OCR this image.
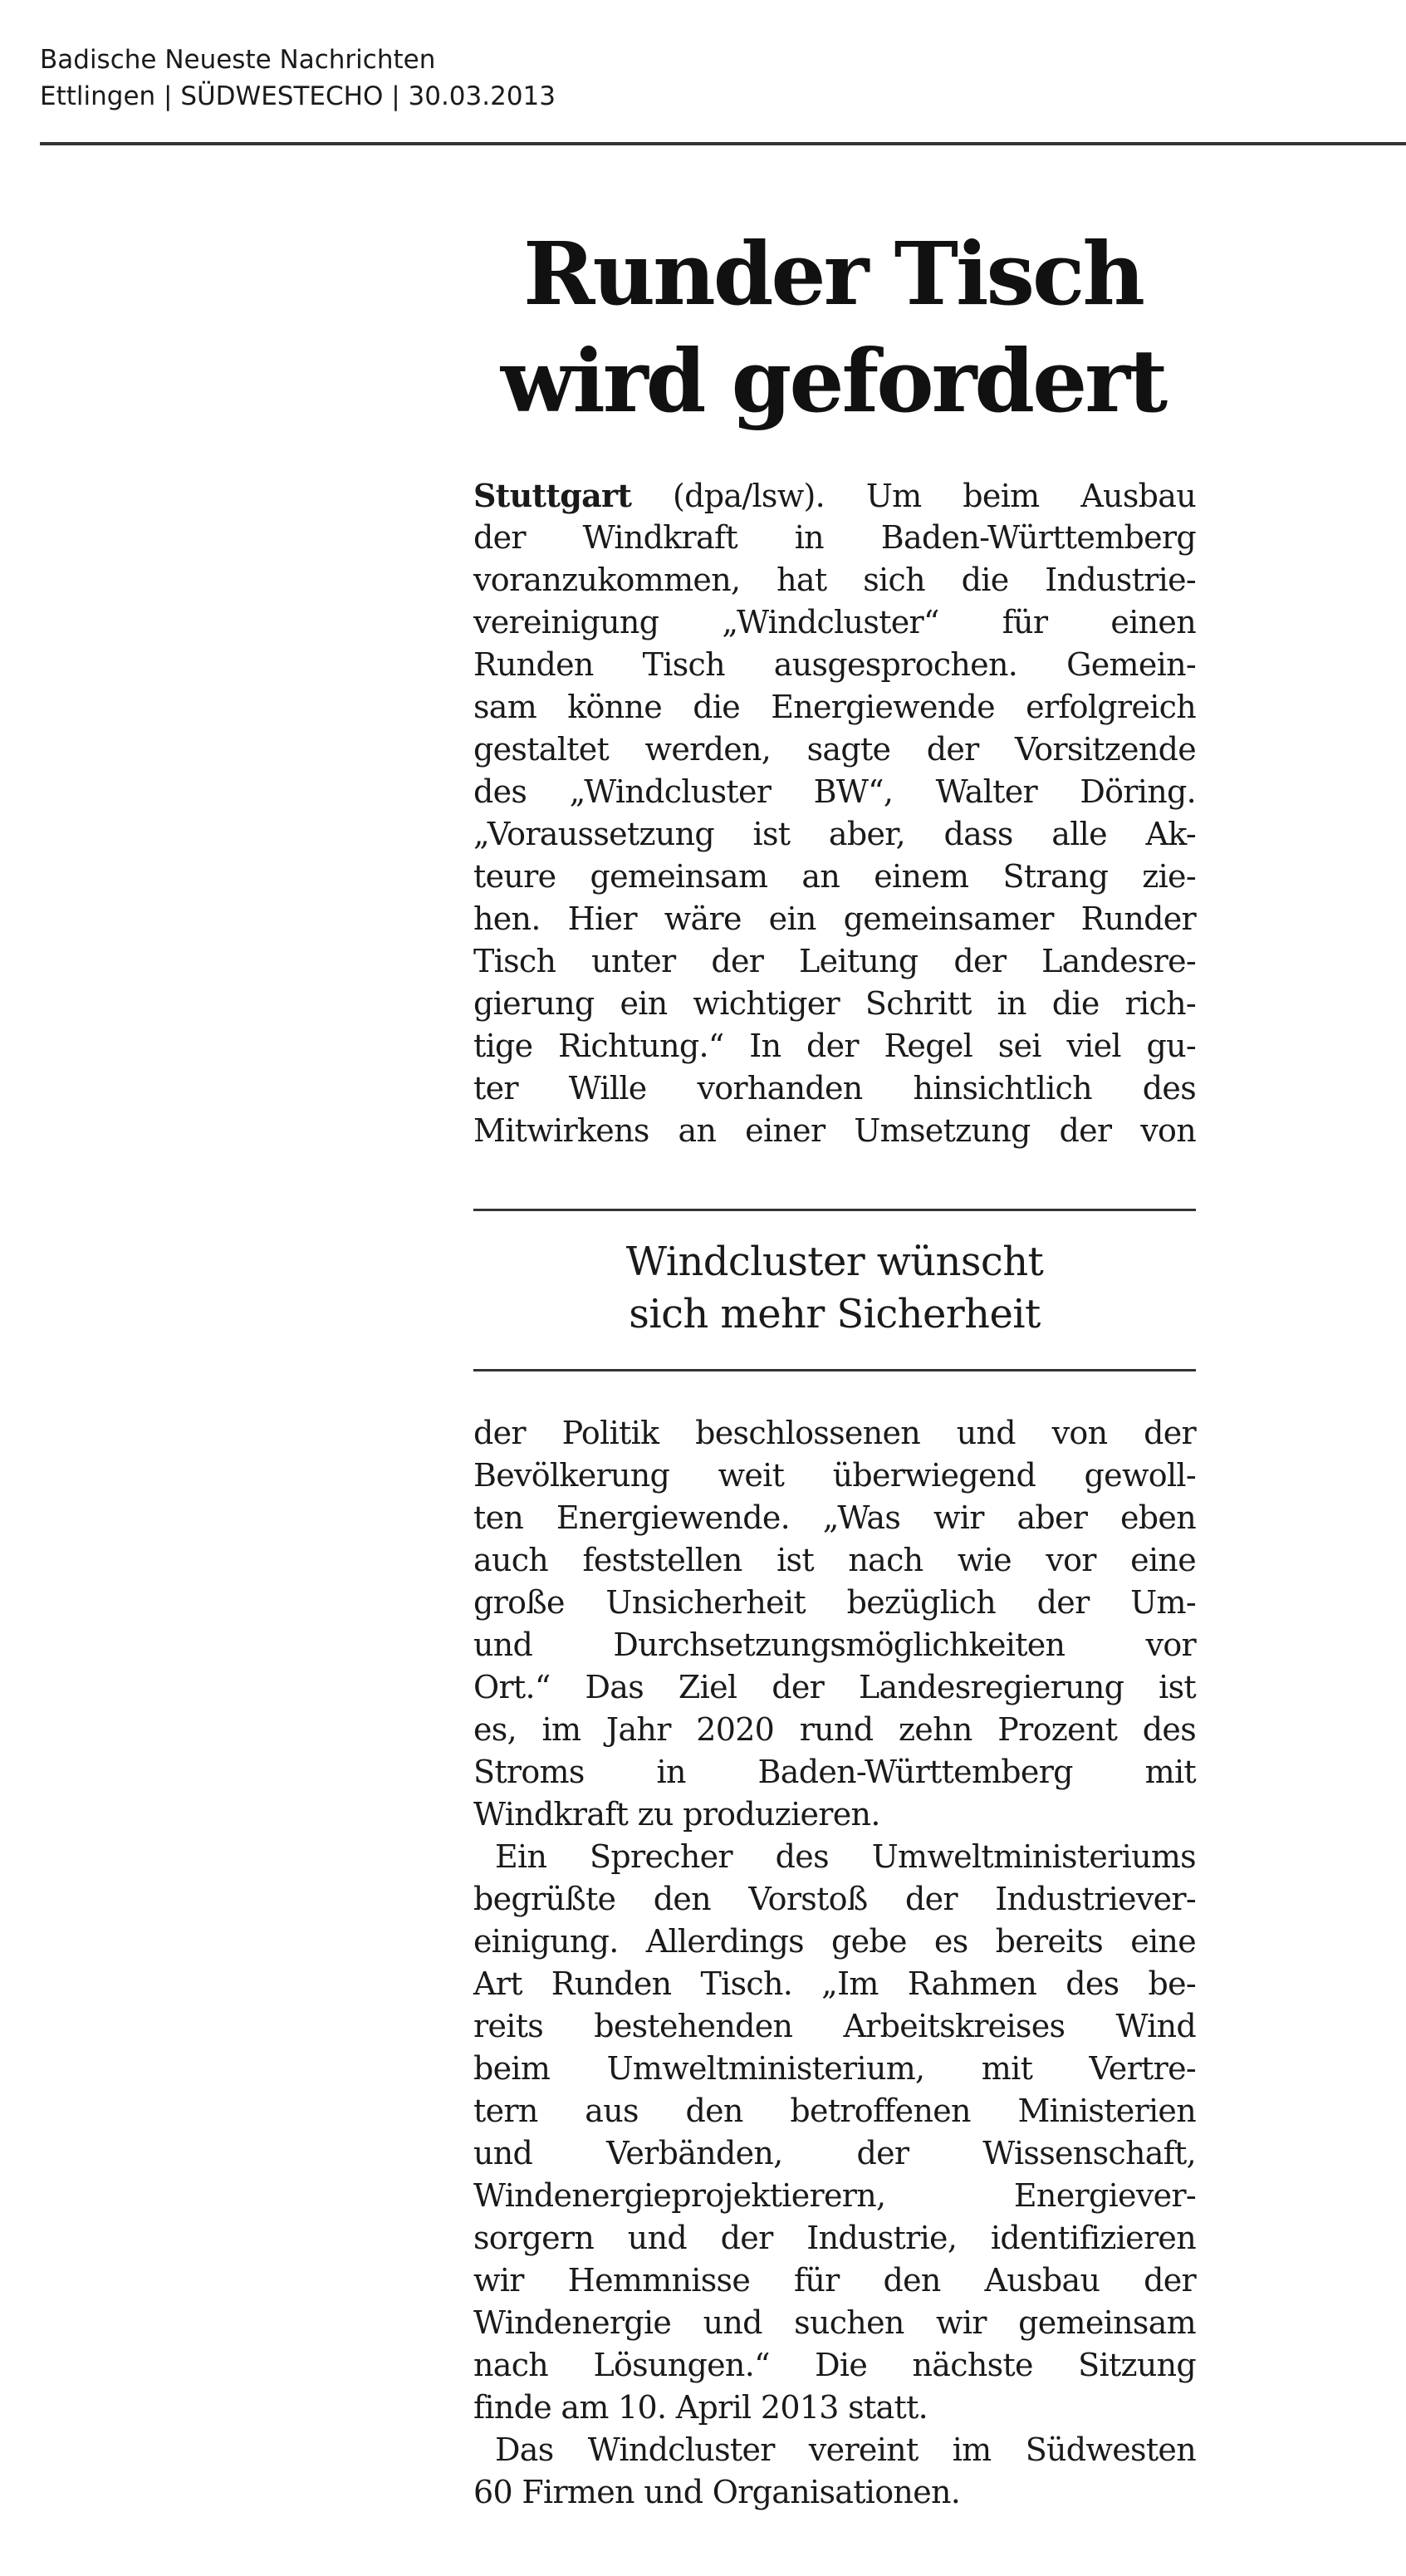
Badische Neueste Nachrichten
Ettlingen | SÜDWESTECHO | 30.03.2013
Runder Tisch
wird gefordert
Stuttgart (dpa/lsw). Um beim Ausbau
der Windkraft in Baden-Württemberg
voranzukommen, hat sich die Industrie-
vereinigung „Windcluster“ für einen
Runden Tisch ausgesprochen. Gemein-
sam könne die Energiewende erfolgreich
gestaltet werden, sagte der Vorsitzende
des „Windcluster BW“, Walter Döring.
„Voraussetzung ist aber, dass alle Ak-
teure gemeinsam an einem Strang zie-
hen. Hier wäre ein gemeinsamer Runder
Tisch unter der Leitung der Landesre-
gierung ein wichtiger Schritt in die rich-
tige Richtung.“ In der Regel sei viel gu-
ter Wille vorhanden hinsichtlich des
Mitwirkens an einer Umsetzung der von
Windcluster wünscht
sich mehr Sicherheit
der Politik beschlossenen und von der
Bevölkerung weit überwiegend gewoll-
ten Energiewende. „Was wir aber eben
auch feststellen ist nach wie vor eine
große Unsicherheit bezüglich der Um-
und Durchsetzungsmöglichkeiten vor
Ort.“ Das Ziel der Landesregierung ist
es, im Jahr 2020 rund zehn Prozent des
Stroms in Baden-Württemberg mit
Windkraft zu produzieren.
Ein Sprecher des Umweltministeriums
begrüßte den Vorstoß der Industriever-
einigung. Allerdings gebe es bereits eine
Art Runden Tisch. „Im Rahmen des be-
reits bestehenden Arbeitskreises Wind
beim Umweltministerium, mit Vertre-
tern aus den betroffenen Ministerien
und Verbänden, der Wissenschaft,
Windenergieprojektierern, Energiever-
sorgern und der Industrie, identifizieren
wir Hemmnisse für den Ausbau der
Windenergie und suchen wir gemeinsam
nach Lösungen.“ Die nächste Sitzung
finde am 10. April 2013 statt.
Das Windcluster vereint im Südwesten
60 Firmen und Organisationen.
